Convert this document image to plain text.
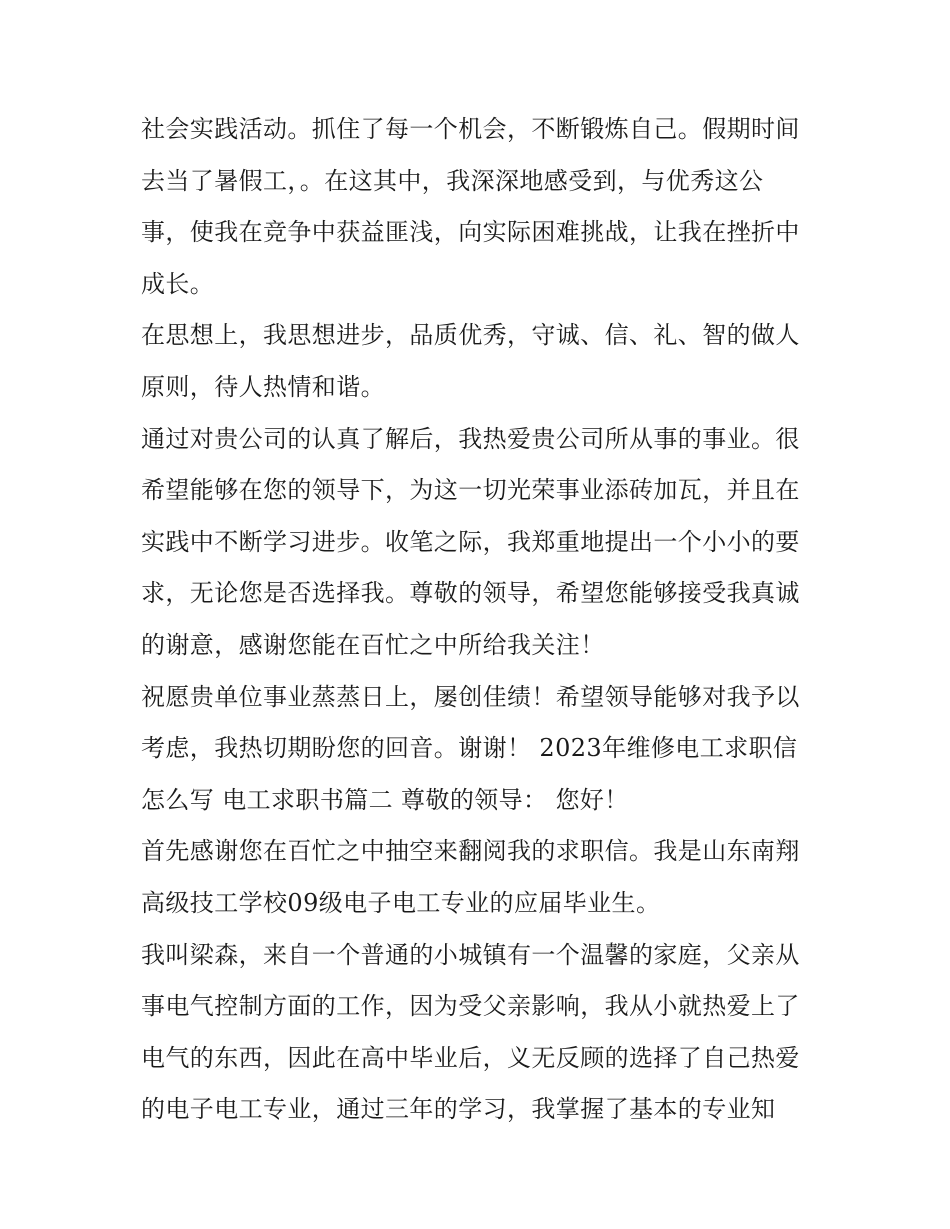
社会实践活动。抓住了每一个机会，不断锻炼自己。假期时间
去当了暑假工，。在这其中，我深深地感受到，与优秀这公
事，使我在竞争中获益匪浅，向实际困难挑战，让我在挫折中
成长。
在思想上，我思想进步，品质优秀，守诚、信、礼、智的做人
原则，待人热情和谐。
通过对贵公司的认真了解后，我热爱贵公司所从事的事业。很
希望能够在您的领导下，为这一切光荣事业添砖加瓦，并且在
实践中不断学习进步。收笔之际，我郑重地提出一个小小的要
求，无论您是否选择我。尊敬的领导，希望您能够接受我真诚
的谢意，感谢您能在百忙之中所给我关注！
祝愿贵单位事业蒸蒸日上，屡创佳绩！希望领导能够对我予以
考虑，我热切期盼您的回音。谢谢！ 2023年维修电工求职信
怎么写 电工求职书篇二 尊敬的领导： 您好！
首先感谢您在百忙之中抽空来翻阅我的求职信。我是山东南翔
高级技工学校09级电子电工专业的应届毕业生。
我叫梁森，来自一个普通的小城镇有一个温馨的家庭，父亲从
事电气控制方面的工作，因为受父亲影响，我从小就热爱上了
电气的东西，因此在高中毕业后，义无反顾的选择了自己热爱
的电子电工专业，通过三年的学习，我掌握了基本的专业知
